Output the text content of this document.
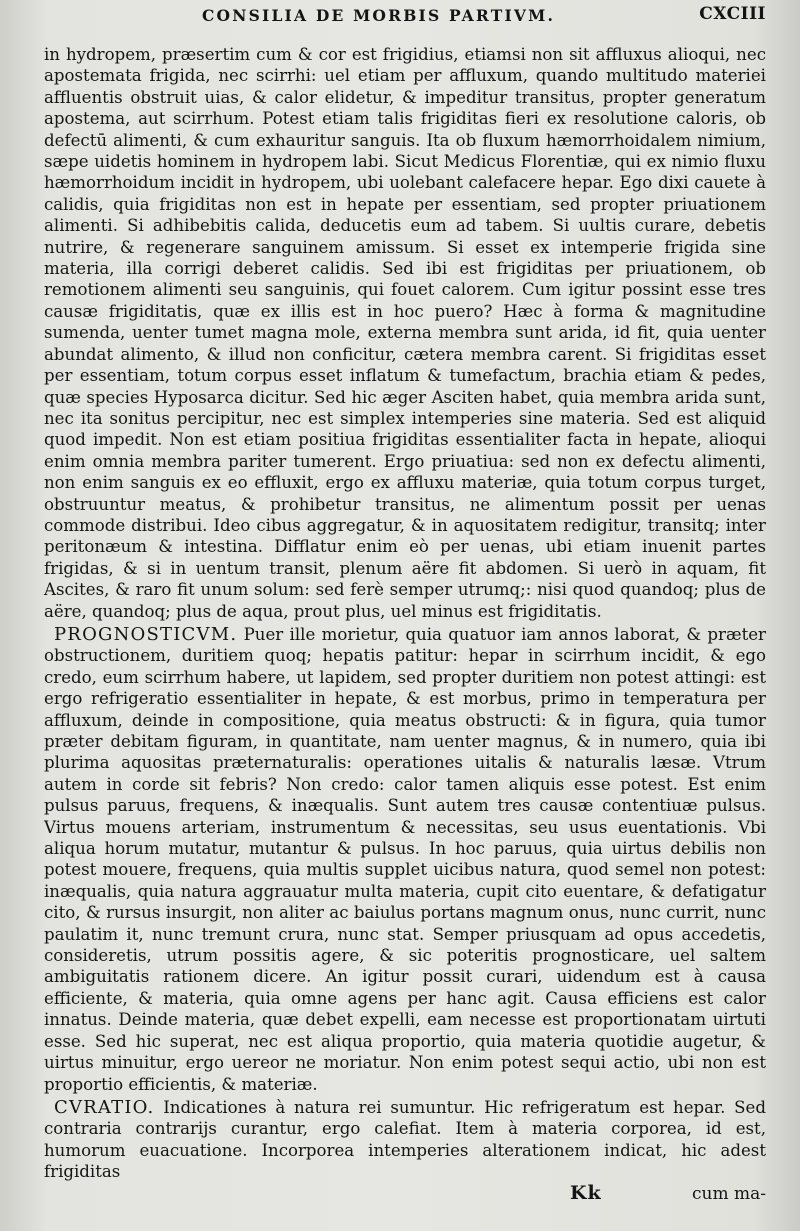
CONSILIA DE MORBIS PARTIVM.	CXCIII

in hydropem, præsertim cum & cor est frigidius, etiamsi non sit affluxus alioqui, nec apostemata frigida, nec scirrhi: uel etiam per affluxum, quando multitudo materiei affluentis obstruit uias, & calor elidetur, & impeditur transitus, propter generatum apostema, aut scirrhum. Potest etiam talis frigiditas fieri ex resolutione caloris, ob defectū alimenti, & cum exhauritur sanguis. Ita ob fluxum hæmorrhoidalem nimium, sæpe uidetis hominem in hydropem labi. Sicut Medicus Florentiæ, qui ex nimio fluxu hæmorrhoidum incidit in hydropem, ubi uolebant calefacere hepar. Ego dixi cauete à calidis, quia frigiditas non est in hepate per essentiam, sed propter priuationem alimenti. Si adhibebitis calida, deducetis eum ad tabem. Si uultis curare, debetis nutrire, & regenerare sanguinem amissum. Si esset ex intemperie frigida sine materia, illa corrigi deberet calidis. Sed ibi est frigiditas per priuationem, ob remotionem alimenti seu sanguinis, qui fouet calorem. Cum igitur possint esse tres causæ frigiditatis, quæ ex illis est in hoc puero? Hæc à forma & magnitudine sumenda, uenter tumet magna mole, externa membra sunt arida, id fit, quia uenter abundat alimento, & illud non conficitur, cætera membra carent. Si frigiditas esset per essentiam, totum corpus esset inflatum & tumefactum, brachia etiam & pedes, quæ species Hyposarca dicitur. Sed hic æger Asciten habet, quia membra arida sunt, nec ita sonitus percipitur, nec est simplex intemperies sine materia. Sed est aliquid quod impedit. Non est etiam positiua frigiditas essentialiter facta in hepate, alioqui enim omnia membra pariter tumerent. Ergo priuatiua: sed non ex defectu alimenti, non enim sanguis ex eo effluxit, ergo ex affluxu materiæ, quia totum corpus turget, obstruuntur meatus, & prohibetur transitus, ne alimentum possit per uenas commode distribui. Ideo cibus aggregatur, & in aquositatem redigitur, transitq; inter peritonæum & intestina. Difflatur enim eò per uenas, ubi etiam inuenit partes frigidas, & si in uentum transit, plenum aëre fit abdomen. Si uerò in aquam, fit Ascites, & raro fit unum solum: sed ferè semper utrumq;: nisi quod quandoq; plus de aëre, quandoq; plus de aqua, prout plus, uel minus est frigiditatis.

PROGNOSTICVM. Puer ille morietur, quia quatuor iam annos laborat, & præter obstructionem, duritiem quoq; hepatis patitur: hepar in scirrhum incidit, & ego credo, eum scirrhum habere, ut lapidem, sed propter duritiem non potest attingi: est ergo refrigeratio essentialiter in hepate, & est morbus, primo in temperatura per affluxum, deinde in compositione, quia meatus obstructi: & in figura, quia tumor præter debitam figuram, in quantitate, nam uenter magnus, & in numero, quia ibi plurima aquositas præternaturalis: operationes uitalis & naturalis læsæ. Vtrum autem in corde sit febris? Non credo: calor tamen aliquis esse potest. Est enim pulsus paruus, frequens, & inæqualis. Sunt autem tres causæ contentiuæ pulsus. Virtus mouens arteriam, instrumentum & necessitas, seu usus euentationis. Vbi aliqua horum mutatur, mutantur & pulsus. In hoc paruus, quia uirtus debilis non potest mouere, frequens, quia multis supplet uicibus natura, quod semel non potest: inæqualis, quia natura aggrauatur multa materia, cupit cito euentare, & defatigatur cito, & rursus insurgit, non aliter ac baiulus portans magnum onus, nunc currit, nunc paulatim it, nunc tremunt crura, nunc stat. Semper priusquam ad opus accedetis, consideretis, utrum possitis agere, & sic poteritis prognosticare, uel saltem ambiguitatis rationem dicere. An igitur possit curari, uidendum est à causa efficiente, & materia, quia omne agens per hanc agit. Causa efficiens est calor innatus. Deinde materia, quæ debet expelli, eam necesse est proportionatam uirtuti esse. Sed hic superat, nec est aliqua proportio, quia materia quotidie augetur, & uirtus minuitur, ergo uereor ne moriatur. Non enim potest sequi actio, ubi non est proportio efficientis, & materiæ.

CVRATIO. Indicationes à natura rei sumuntur. Hic refrigeratum est hepar. Sed contraria contrarijs curantur, ergo calefiat. Item à materia corporea, id est, humorum euacuatione. Incorporea intemperies alterationem indicat, hic adest frigiditas

Kk	cum ma-
